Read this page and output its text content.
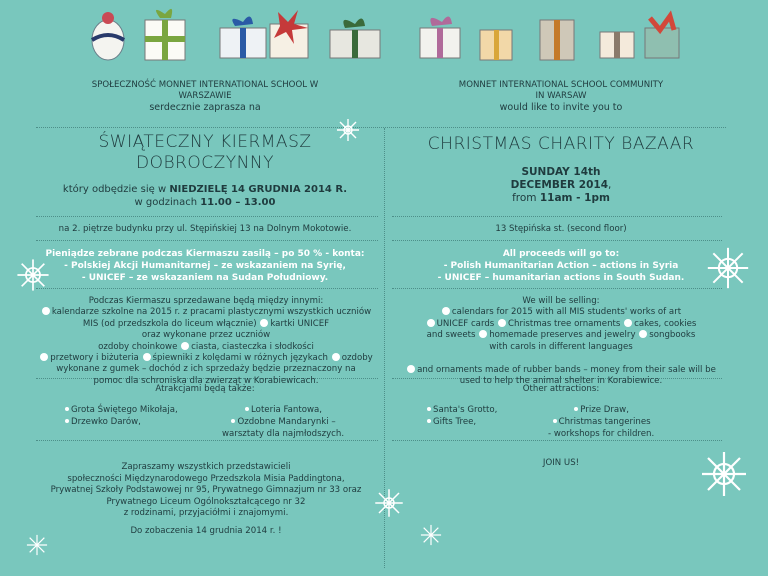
SPOŁECZNOŚĆ MONNET INTERNATIONAL SCHOOL W
WARSZAWIE
serdecznie zaprasza na
ŚWIĄTECZNY KIERMASZ
DOBROCZYNNY
który odbędzie się w NIEDZIELĘ 14 GRUDNIA 2014 R.
w godzinach 11.00 – 13.00
na 2. piętrze budynku przy ul. Stępińskiej 13 na Dolnym Mokotowie.
Pieniądze zebrane podczas Kiermaszu zasilą – po 50 % - konta:
- Polskiej Akcji Humanitarnej – ze wskazaniem na Syrię,
- UNICEF – ze wskazaniem na Sudan Południowy.
Podczas Kiermaszu sprzedawane będą między innymi:
kalendarze szkolne na 2015 r. z pracami plastycznymi wszystkich uczniów
MIS (od przedszkola do liceum włącznie) kartki UNICEF
oraz wykonane przez uczniów
ozdoby choinkowe ciasta, ciasteczka i słodkości
przetwory i biżuteria śpiewniki z kolędami w różnych językach ozdoby
wykonane z gumek – dochód z ich sprzedaży będzie przeznaczony na
pomoc dla schroniska dla zwierząt w Korabiewicach.
Atrakcjami będą także:
Grota Świętego Mikołaja,
Drzewko Darów,
Loteria Fantowa,
Ozdobne Mandarynki –
warsztaty dla najmłodszych.
Zapraszamy wszystkich przedstawicieli
społeczności Międzynarodowego Przedszkola Misia Paddingtona,
Prywatnej Szkoły Podstawowej nr 95, Prywatnego Gimnazjum nr 33 oraz
Prywatnego Liceum Ogólnokształcącego nr 32
z rodzinami, przyjaciółmi i znajomymi.
Do zobaczenia 14 grudnia 2014 r. !
MONNET INTERNATIONAL SCHOOL COMMUNITY
IN WARSAW
would like to invite you to
CHRISTMAS CHARITY BAZAAR
SUNDAY 14th
DECEMBER 2014,
from 11am - 1pm
13 Stępińska st. (second floor)
All proceeds will go to:
- Polish Humanitarian Action – actions in Syria
- UNICEF – humanitarian actions in South Sudan.
We will be selling:
calendars for 2015 with all MIS students' works of art
UNICEF cards Christmas tree ornaments cakes, cookies
and sweets homemade preserves and jewelry songbooks
with carols in different languages
and ornaments made of rubber bands – money from their sale will be
used to help the animal shelter in Korabiewice.
Other attractions:
Santa's Grotto,
Gifts Tree,
Prize Draw,
Christmas tangerines
- workshops for children.
JOIN US!
